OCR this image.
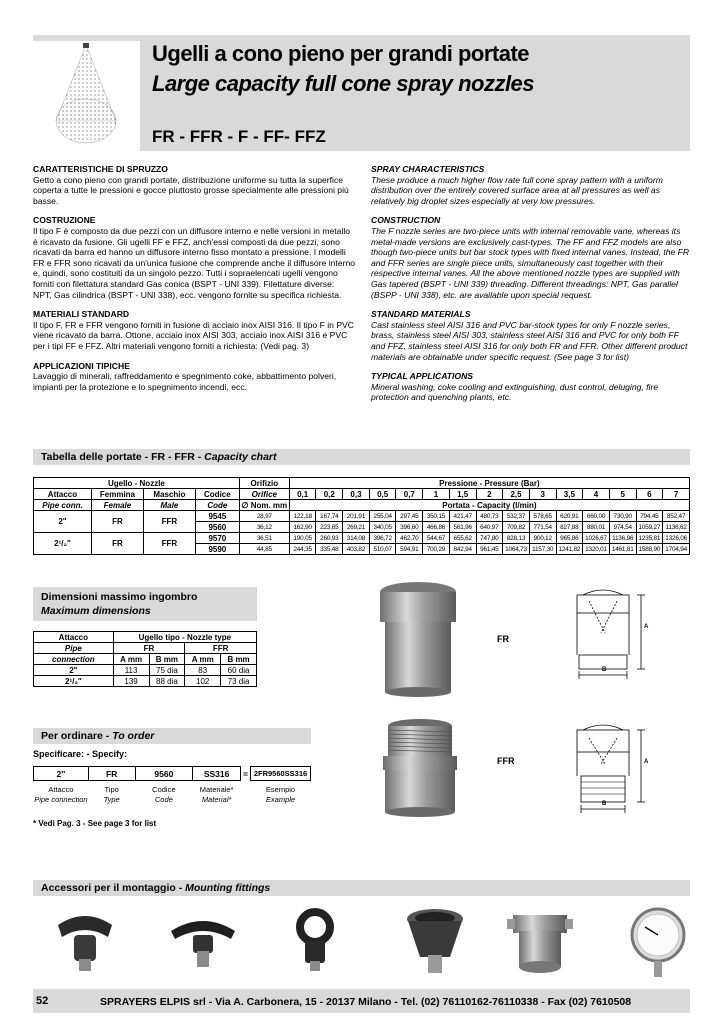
Ugelli a cono pieno per grandi portate
Large capacity full cone spray nozzles
FR - FFR - F - FF- FFZ
CARATTERISTICHE DI SPRUZZO
Getto a cono pieno con grandi portate, distribuzione uniforme su tutta la superfice coperta a tutte le pressioni e gocce piuttosto grosse specialmente alle pressioni più basse.
COSTRUZIONE
Il tipo F è composto da due pezzi con un diffusore interno e nelle versioni in metallo è ricavato da fusione. Gli ugelli FF e FFZ, anch'essi composti da due pezzi, sono ricavati da barra ed hanno un diffusore interno fisso montato a pressione. I modelli FR e FFR sono ricavati da un'unica fusione che comprende anche il diffusore interno e, quindi, sono costituiti da un singolo pezzo. Tutti i sopraelencati ugelli vengono forniti con filettatura standard Gas conica (BSPT - UNI 339). Filettature diverse: NPT, Gas cilindrica (BSPT - UNI 338), ecc. vengono fornite su specifica richiesta.
MATERIALI STANDARD
Il tipo F, FR e FFR vengono forniti in fusione di acciaio inox AISI 316. Il tipo F in PVC viene ricavato da barra. Ottone, acciaio inox AISI 303, acciaio inox AISI 316 e PVC per i tipi FF e FFZ. Altri materiali vengono forniti a richiesta: (Vedi pag. 3)
APPLICAZIONI TIPICHE
Lavaggio di minerali, raffreddamento e spegnimento coke, abbattimento polveri, impianti per la protezione e lo spegnimento incendi, ecc.
SPRAY CHARACTERISTICS
These produce a much higher flow rate full cone spray pattern with a uniform distribution over the entirely covered surface area at all pressures as well as relatively big droplet sizes especially at very low pressures.
CONSTRUCTION
The F nozzle series are two-piece units with internal removable vane, whereas its metal-made versions are exclusively cast-types. The FF and FFZ models are also though two-piece units but bar stock types with fixed internal vanes. Instead, the FR and FFR series are single piece units, simultaneously cast together with their respective internal vanes. All the above mentioned nozzle types are supplied with Gas tapered (BSPT - UNI 339) threading. Different threadings: NPT, Gas parallel (BSPP - UNI 338), etc. are available upon special request.
STANDARD MATERIALS
Cast stainless steel AISI 316 and PVC bar-stock types for only F nozzle series, brass, stainless steel AISI 303, stainless steel AISI 316 and PVC for only both FF and FFZ, stainless steel AISI 316 for only both FR and FFR. Other different product materials are obtainable under specific request. (See page 3 for list)
TYPICAL APPLICATIONS
Mineral washing, coke cooling and extinguishing, dust control, deluging, fire protection and quenching plants, etc.
Tabella delle portate - FR - FFR - Capacity chart
Ugello - Nozzle				Orifizio	Pressione - Pressure (Bar)														
Attacco	Femmina	Maschio	Codice	Orifice	0,1	0,2	0,3	0,5	0,7	1	1,5	2	2,5	3	3,5	4	5	6	7
Pipe conn.	Female	Male	Code	∅ Nom. mm	Portata - Capacity (l/min)														
2"	FR	FFR	9545	28,97	122,18	167,74	201,91	255,04	297,45	350,15	421,47	480,73	532,37	578,65	620,91	660,00	730,90	794,45	852,47
			9560	36,12	162,90	223,65	269,21	340,05	396,60	466,86	561,96	640,97	709,82	771,54	827,88	880,01	974,54	1059,27	1136,62
2¹/₂"	FR	FFR	9570	36,51	190,05	260,93	314,08	396,72	462,70	544,67	655,62	747,80	828,13	900,12	965,86	1026,67	1136,96	1235,81	1326,06
			9590	44,85	244,35	335,48	403,82	510,07	594,91	700,29	842,94	961,45	1064,73	1157,30	1241,82	1320,01	1461,81	1588,90	1704,94
Dimensioni massimo ingombro
Maximum dimensions
Attacco	Ugello tipo - Nozzle type			
Pipe	FR		FFR	
connection	A mm	B mm	A mm	B mm
2"	113	75 dia	83	60 dia
2¹/₂"	139	88 dia	102	73 dia
Per ordinare - To order
Specificare: - Specify:
2''	FR	9560	SS316	=	2FR9560SS316
Attacco	Tipo	Codice	Materiale*		Esempio
Pipe connection	Type	Code	Material*		Example
* Vedi Pag. 3 - See page 3 for list
FR
FFR
A
B
A
B
Accessori per il montaggio - Mounting fittings
52	SPRAYERS ELPIS srl - Via A. Carbonera, 15 - 20137 Milano - Tel. (02) 76110162-76110338 - Fax (02) 7610508
